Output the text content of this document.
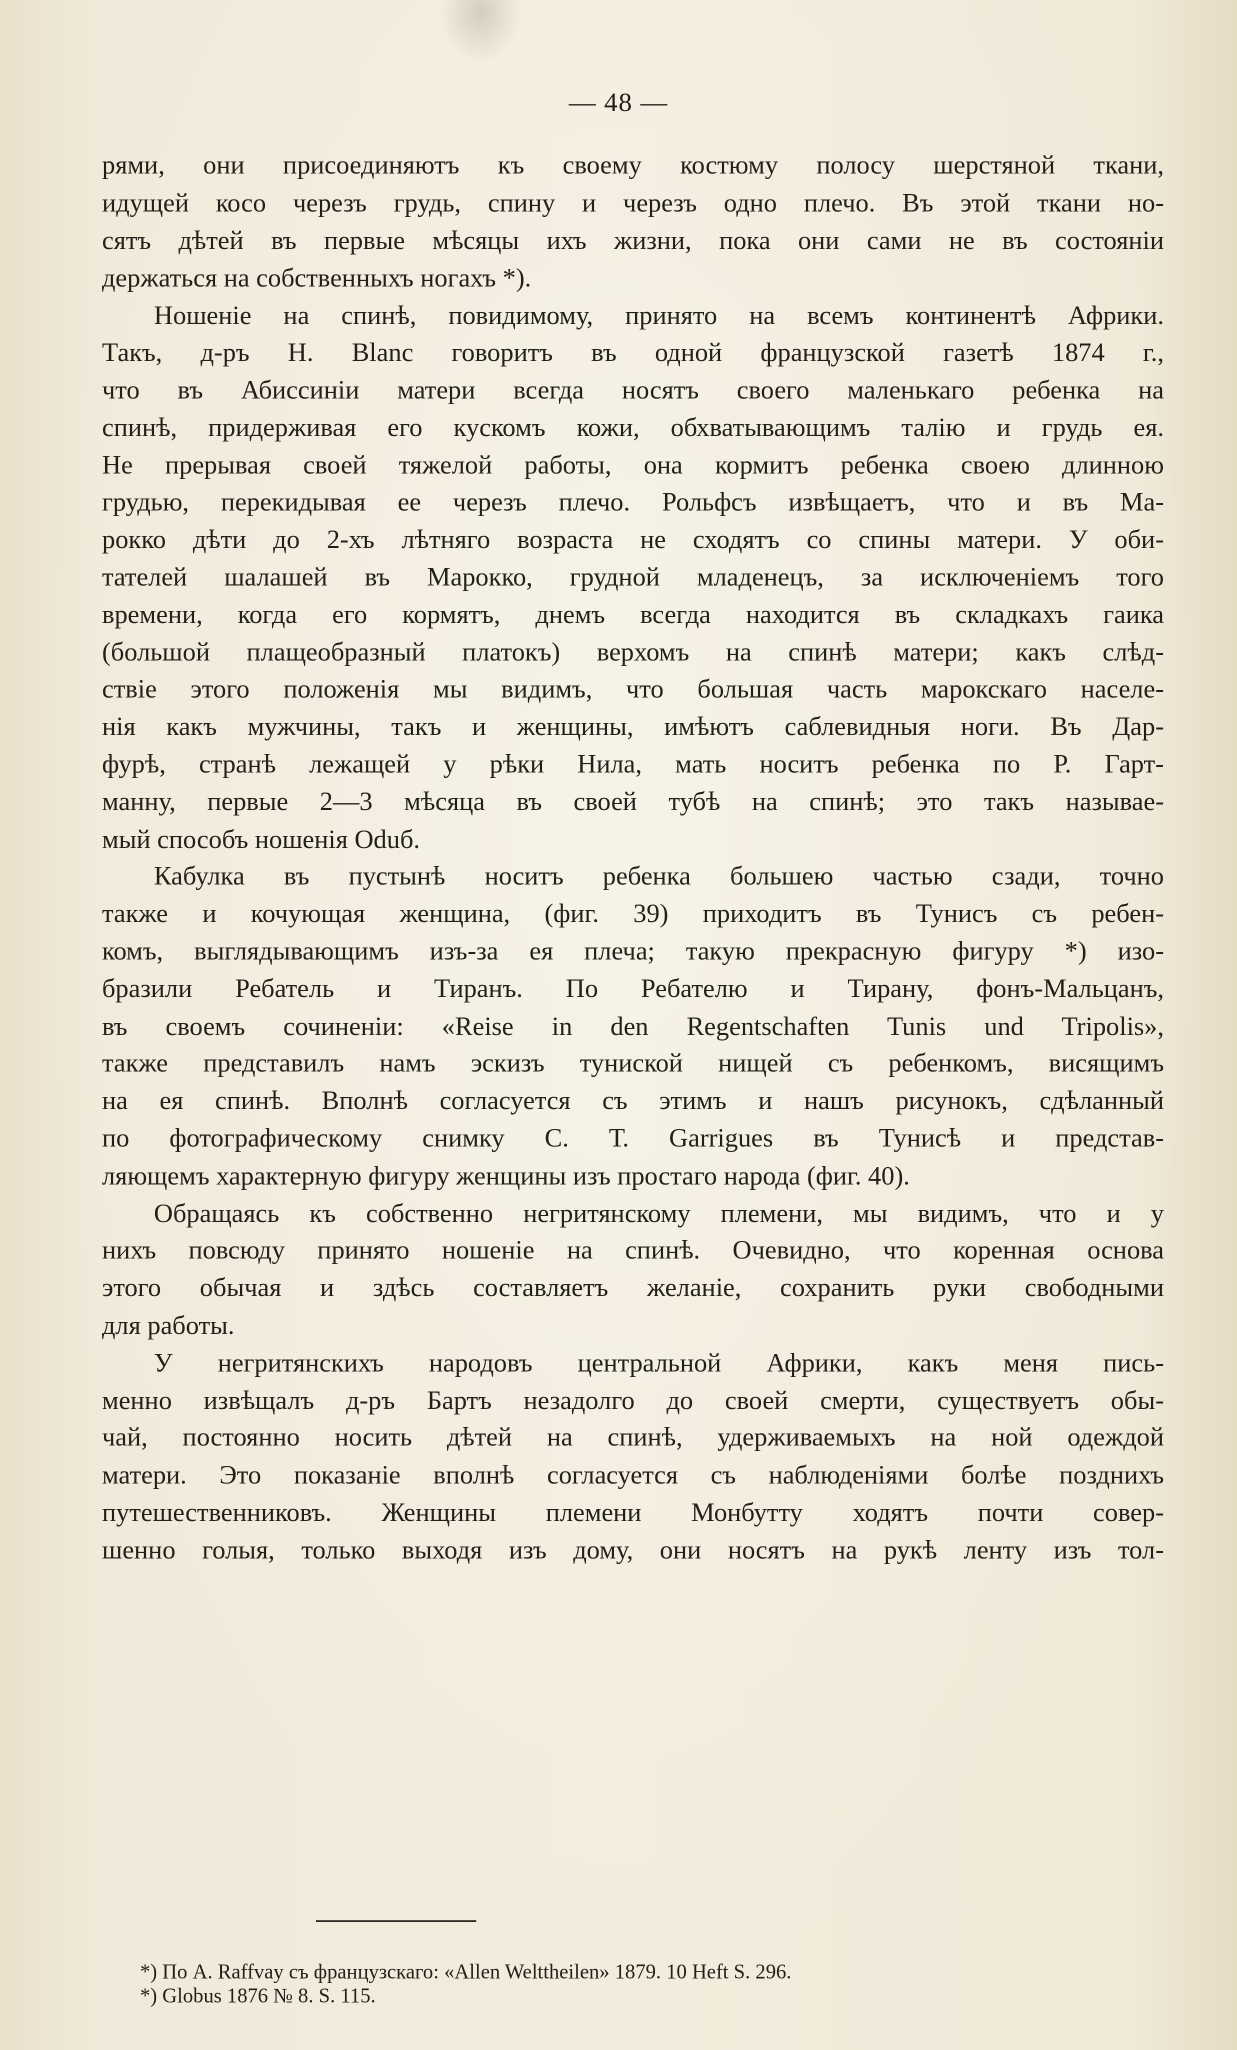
— 48 —
рями, они присоединяютъ къ своему костюму полосу шерстяной ткани,
идущей косо черезъ грудь, спину и черезъ одно плечо. Въ этой ткани но-
сятъ дѣтей въ первые мѣсяцы ихъ жизни, пока они сами не въ состояніи
держаться на собственныхъ ногахъ *).
Ношеніе на спинѣ, повидимому, принято на всемъ континентѣ Африки.
Такъ, д-ръ H. Blanc говоритъ въ одной французской газетѣ 1874 г.,
что въ Абиссиніи матери всегда носятъ своего маленькаго ребенка на
спинѣ, придерживая его кускомъ кожи, обхватывающимъ талію и грудь ея.
Не прерывая своей тяжелой работы, она кормитъ ребенка своею длинною
грудью, перекидывая ее черезъ плечо. Рольфсъ извѣщаетъ, что и въ Ма-
рокко дѣти до 2-хъ лѣтняго возраста не сходятъ со спины матери. У оби-
тателей шалашей въ Марокко, грудной младенецъ, за исключеніемъ того
времени, когда его кормятъ, днемъ всегда находится въ складкахъ гаика
(большой плащеобразный платокъ) верхомъ на спинѣ матери; какъ слѣд-
ствіе этого положенія мы видимъ, что большая часть марокскаго населе-
нія какъ мужчины, такъ и женщины, имѣютъ саблевидныя ноги. Въ Дар-
фурѣ, странѣ лежащей у рѣки Нила, мать носитъ ребенка по Р. Гарт-
манну, первые 2—3 мѣсяца въ своей тубѣ на спинѣ; это такъ называе-
мый способъ ношенія Oduб.
Кабулка въ пустынѣ носитъ ребенка большею частью сзади, точно
также и кочующая женщина, (фиг. 39) приходитъ въ Тунисъ съ ребен-
комъ, выглядывающимъ изъ-за ея плеча; такую прекрасную фигуру *) изо-
бразили Ребатель и Тиранъ. По Ребателю и Тирану, фонъ-Мальцанъ,
въ своемъ сочиненіи: «Reise in den Regentschaften Tunis und Tripolis»,
также представилъ намъ эскизъ туниской нищей съ ребенкомъ, висящимъ
на ея спинѣ. Вполнѣ согласуется съ этимъ и нашъ рисунокъ, сдѣланный
по фотографическому снимку С. Т. Garrigues въ Тунисѣ и представ-
ляющемъ характерную фигуру женщины изъ простаго народа (фиг. 40).
Обращаясь къ собственно негритянскому племени, мы видимъ, что и у
нихъ повсюду принято ношеніе на спинѣ. Очевидно, что коренная основа
этого обычая и здѣсь составляетъ желаніе, сохранить руки свободными
для работы.
У негритянскихъ народовъ центральной Африки, какъ меня пись-
менно извѣщалъ д-ръ Бартъ незадолго до своей смерти, существуетъ обы-
чай, постоянно носить дѣтей на спинѣ, удерживаемыхъ на ной одеждой
матери. Это показаніе вполнѣ согласуется съ наблюденіями болѣе позднихъ
путешественниковъ. Женщины племени Монбутту ходятъ почти совер-
шенно голыя, только выходя изъ дому, они носятъ на рукѣ ленту изъ тол-
*) По A. Raffvay съ французскаго: «Allen Welttheilen» 1879. 10 Heft S. 296.
*) Globus 1876 № 8. S. 115.
